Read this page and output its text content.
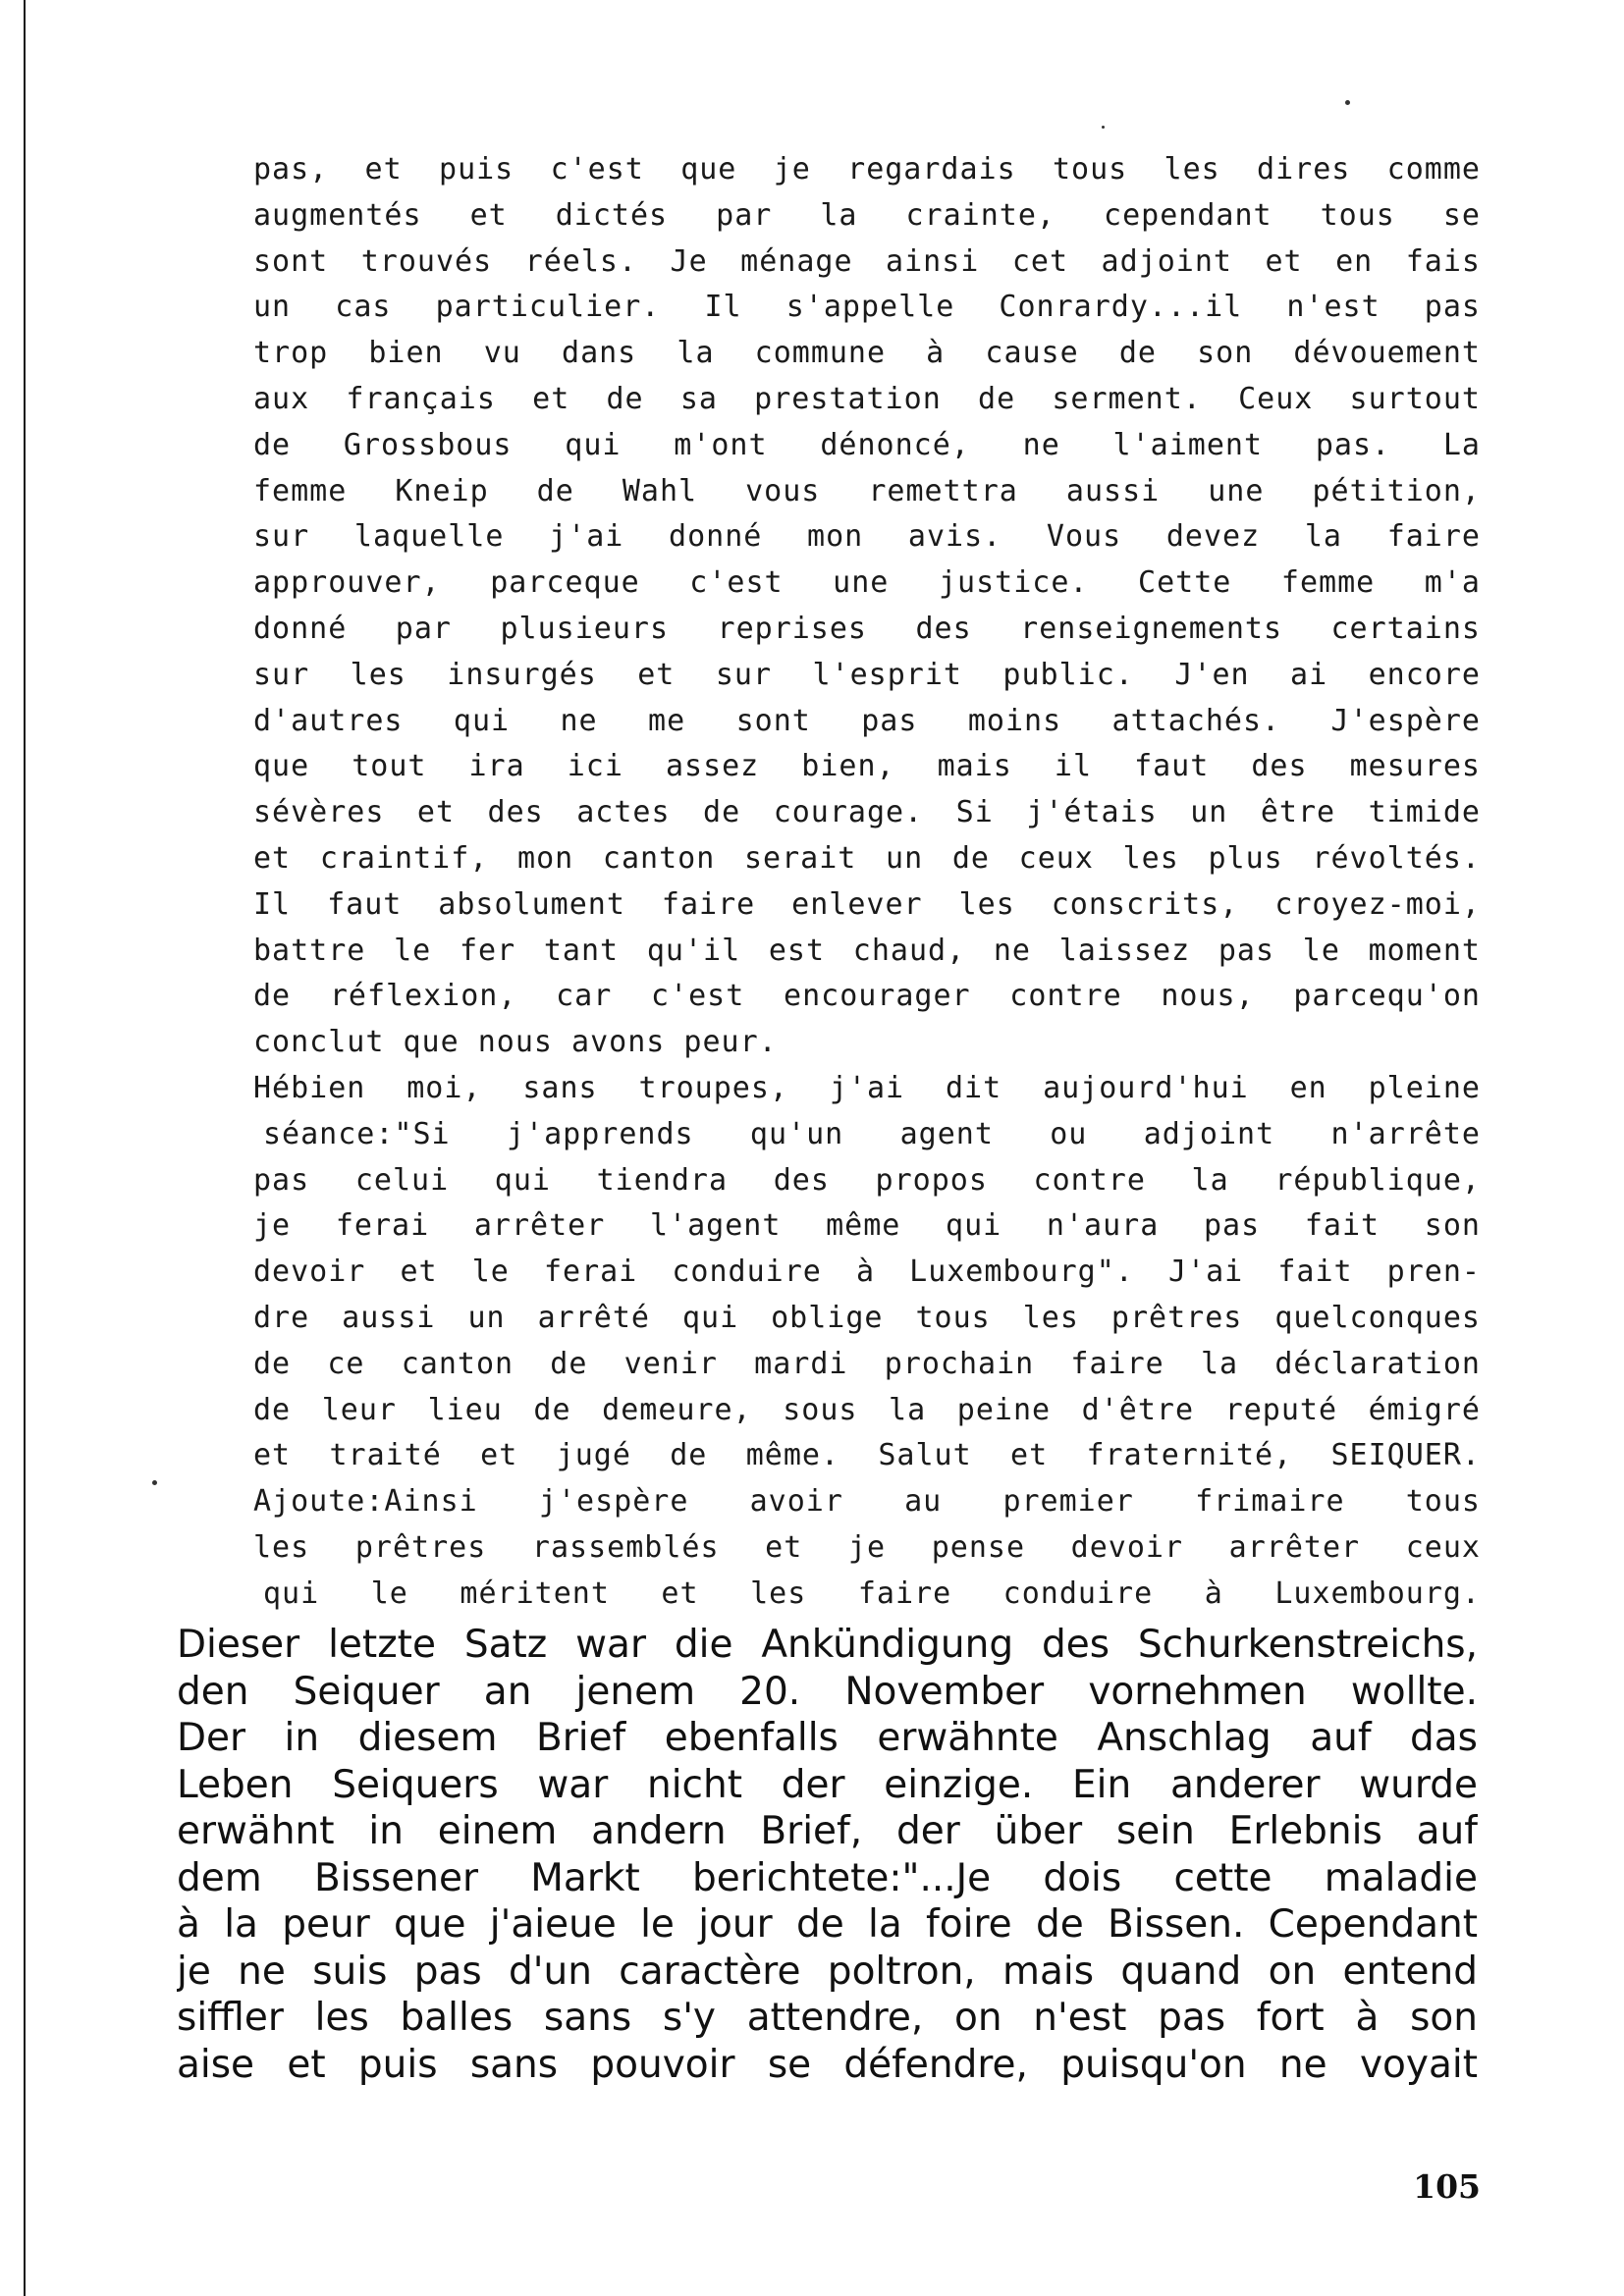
pas, et puis c'est que je regardais tous les dires comme
augmentés et dictés par la crainte, cependant tous se
sont trouvés réels. Je ménage ainsi cet adjoint et en fais
un cas particulier. Il s'appelle Conrardy...il n'est pas
trop bien vu dans la commune à cause de son dévouement
aux français et de sa prestation de serment. Ceux surtout
de Grossbous qui m'ont dénoncé, ne l'aiment pas. La
femme Kneip de Wahl vous remettra aussi une pétition,
sur laquelle j'ai donné mon avis. Vous devez la faire
approuver, parceque c'est une justice. Cette femme m'a
donné par plusieurs reprises des renseignements certains
sur les insurgés et sur l'esprit public. J'en ai encore
d'autres qui ne me sont pas moins attachés. J'espère
que tout ira ici assez bien, mais il faut des mesures
sévères et des actes de courage. Si j'étais un être timide
et craintif, mon canton serait un de ceux les plus révoltés.
Il faut absolument faire enlever les conscrits, croyez-moi,
battre le fer tant qu'il est chaud, ne laissez pas le moment
de réflexion, car c'est encourager contre nous, parcequ'on
conclut que nous avons peur.
Hébien moi, sans troupes, j'ai dit aujourd'hui en pleine
séance:"Si j'apprends qu'un agent ou adjoint n'arrête
pas celui qui tiendra des propos contre la république,
je ferai arrêter l'agent même qui n'aura pas fait son
devoir et le ferai conduire à Luxembourg". J'ai fait pren-
dre aussi un arrêté qui oblige tous les prêtres quelconques
de ce canton de venir mardi prochain faire la déclaration
de leur lieu de demeure, sous la peine d'être reputé émigré
et traité et jugé de même. Salut et fraternité, SEIQUER.
Ajoute:Ainsi j'espère avoir au premier frimaire tous
les prêtres rassemblés et je pense devoir arrêter ceux
qui le méritent et les faire conduire à Luxembourg.
Dieser letzte Satz war die Ankündigung des Schurkenstreichs,
den Seiquer an jenem 20. November vornehmen wollte.
Der in diesem Brief ebenfalls erwähnte Anschlag auf das
Leben Seiquers war nicht der einzige. Ein anderer wurde
erwähnt in einem andern Brief, der über sein Erlebnis auf
dem Bissener Markt berichtete:"...Je dois cette maladie
à la peur que j'aieue le jour de la foire de Bissen. Cependant
je ne suis pas d'un caractère poltron, mais quand on entend
siffler les balles sans s'y attendre, on n'est pas fort à son
aise et puis sans pouvoir se défendre, puisqu'on ne voyait
105
